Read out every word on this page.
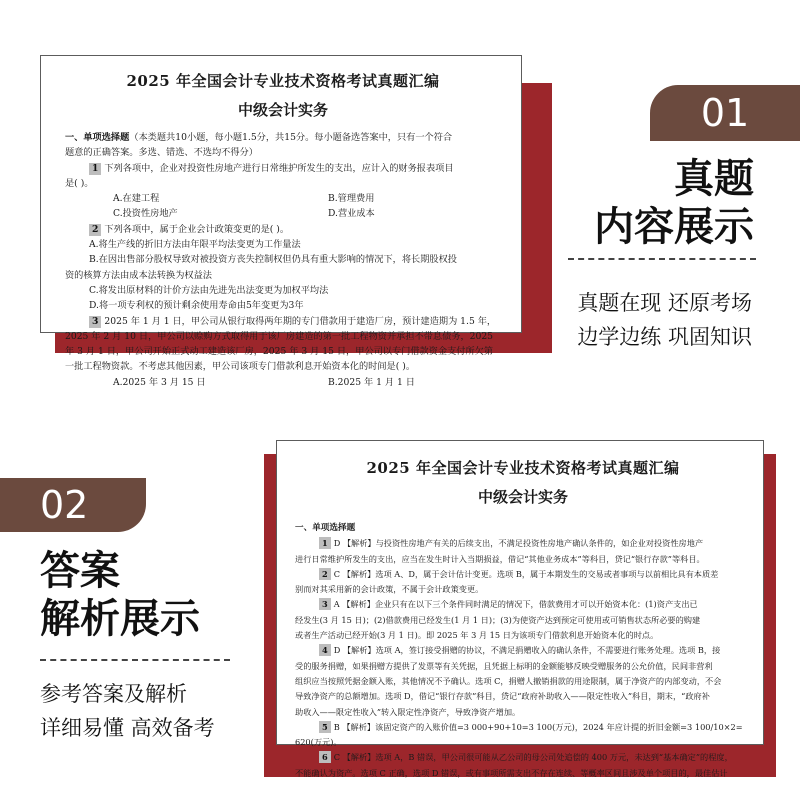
2025 年全国会计专业技术资格考试真题汇编
中级会计实务
一、单项选择题（本类题共10小题，每小题1.5分，共15分。每小题备选答案中，只有一个符合
题意的正确答案。多选、错选、不选均不得分）
1 下列各项中，企业对投资性房地产进行日常维护所发生的支出，应计入的财务报表项目
是( )。
A.在建工程	B.管理费用
C.投资性房地产	D.营业成本
2 下列各项中，属于企业会计政策变更的是( )。
A.将生产线的折旧方法由年限平均法变更为工作量法
B.在因出售部分股权导致对被投资方丧失控制权但仍具有重大影响的情况下，将长期股权投
资的核算方法由成本法转换为权益法
C.将发出原材料的计价方法由先进先出法变更为加权平均法
D.将一项专利权的预计剩余使用寿命由5年变更为3年
3 2025 年 1 月 1 日，甲公司从银行取得两年期的专门借款用于建造厂房，预计建造期为 1.5 年，
2025 年 2 月 10 日，甲公司以赊购方式取得用于该厂房建造的第一批工程物资并承担不带息债务，2025
年 3 月 1 日，甲公司开始正式动工建造该厂房，2025 年 3 月 15 日，甲公司以专门借款资金支付所欠第
一批工程物资款。不考虑其他因素，甲公司该项专门借款利息开始资本化的时间是( )。
A.2025 年 3 月 15 日	B.2025 年 1 月 1 日
01
真题
内容展示
真题在现 还原考场
边学边练 巩固知识
2025 年全国会计专业技术资格考试真题汇编
中级会计实务
一、单项选择题
1 D 【解析】与投资性房地产有关的后续支出，不满足投资性房地产确认条件的，如企业对投资性房地产
进行日常维护所发生的支出，应当在发生时计入当期损益，借记“其他业务成本”等科目，贷记“银行存款”等科目。
2 C 【解析】选项 A、D，属于会计估计变更。选项 B，属于本期发生的交易或者事项与以前相比具有本质差
别而对其采用新的会计政策，不属于会计政策变更。
3 A 【解析】企业只有在以下三个条件同时满足的情况下，借款费用才可以开始资本化：(1)资产支出已
经发生(3 月 15 日)；(2)借款费用已经发生(1 月 1 日)；(3)为使资产达到预定可使用或可销售状态所必要的购建
或者生产活动已经开始(3 月 1 日)。即 2025 年 3 月 15 日为该项专门借款利息开始资本化的时点。
4 D 【解析】选项 A，签订接受捐赠的协议，不满足捐赠收入的确认条件，不需要进行账务处理。选项 B，接
受的服务捐赠，如果捐赠方提供了发票等有关凭据，且凭据上标明的金额能够反映受赠服务的公允价值，民间非营利
组织应当按照凭据金额入账，其他情况不予确认。选项 C，捐赠人撤销捐款的用途限制，属于净资产的内部变动，不会
导致净资产的总额增加。选项 D，借记“银行存款”科目，贷记“政府补助收入——限定性收入”科目，期末，“政府补
助收入——限定性收入”转入限定性净资产，导致净资产增加。
5 B 【解析】该固定资产的入账价值=3 000+90+10=3 100(万元)，2024 年应计提的折旧金额=3 100/10×2=
620(万元)。
6 C 【解析】选项 A，B 错误，甲公司很可能从乙公司的母公司处追偿的 400 万元，未达到“基本确定”的程度，
不能确认为资产。选项 C 正确，选项 D 错误，或有事项所需支出不存在连续、等概率区间且涉及单个项目的，最佳估计
02
答案
解析展示
参考答案及解析
详细易懂 高效备考
